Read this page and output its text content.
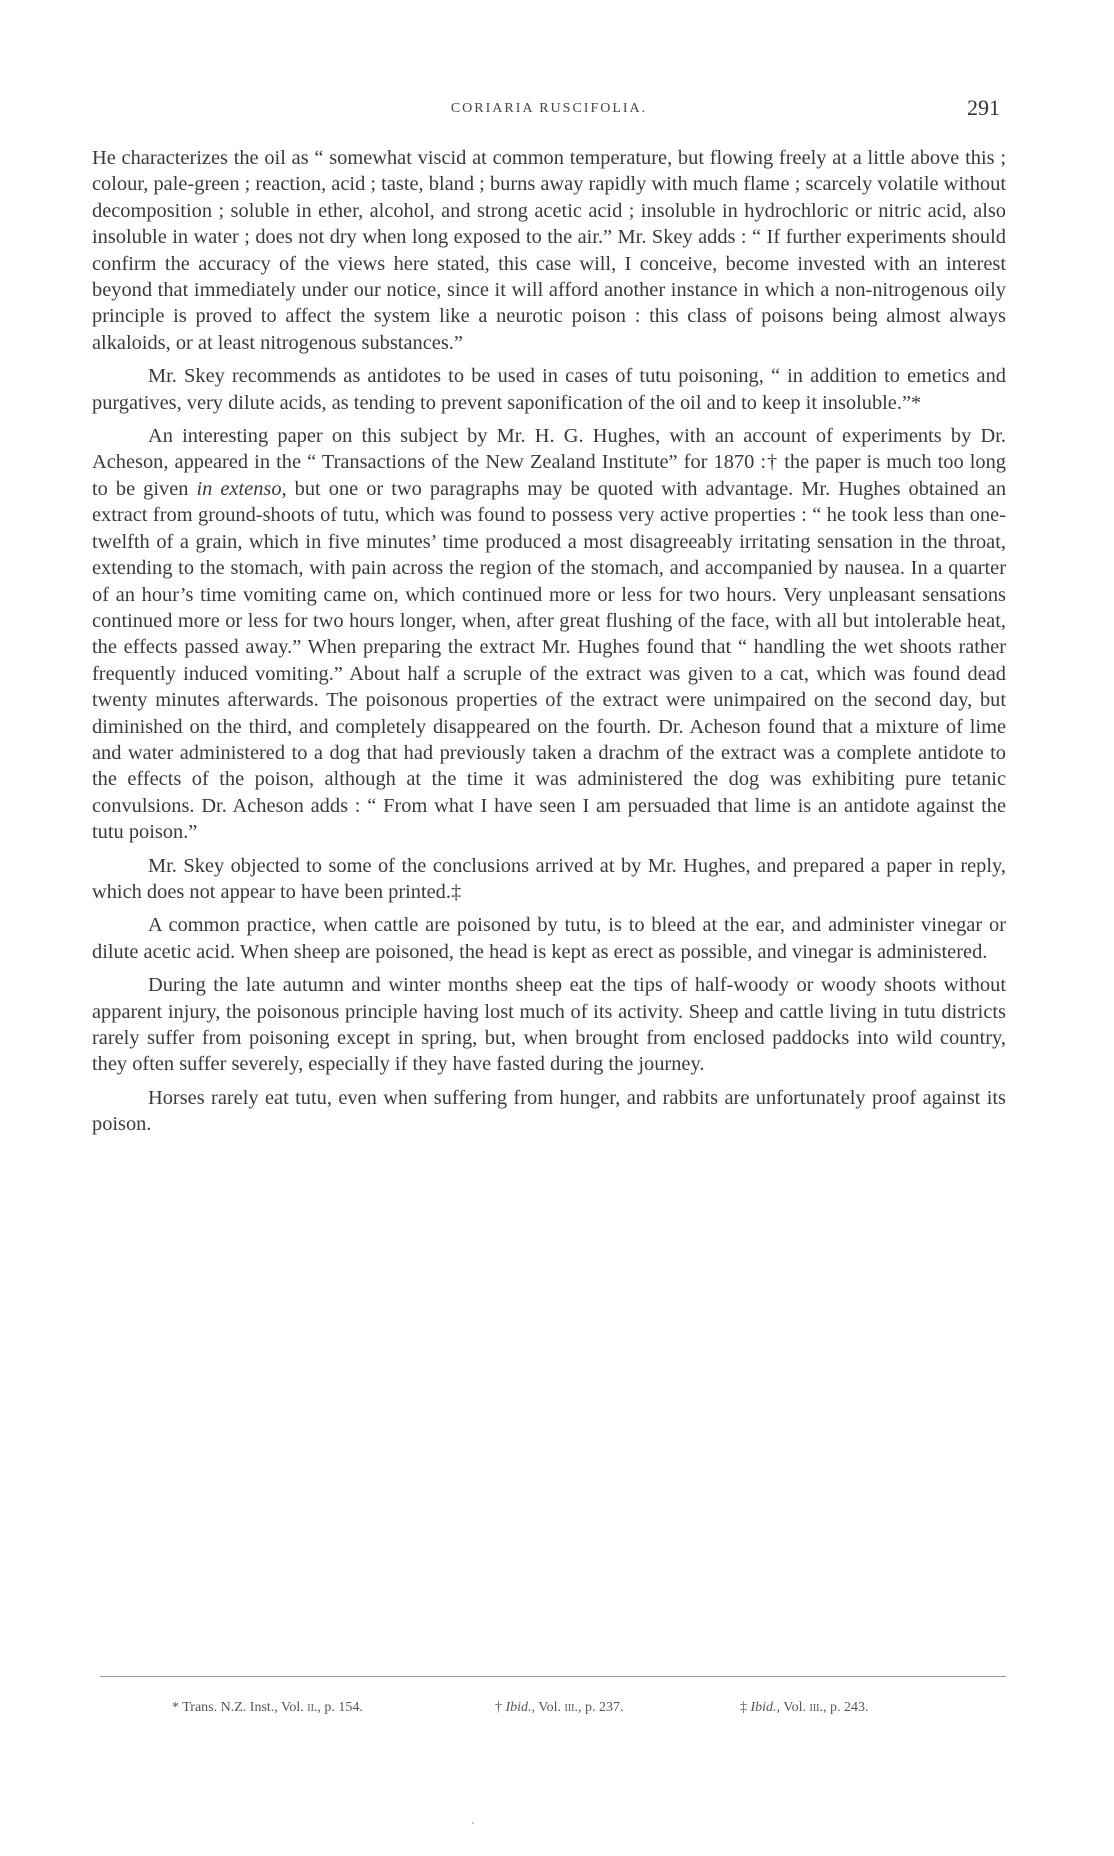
CORIARIA RUSCIFOLIA.	291

He characterizes the oil as “ somewhat viscid at common temperature, but flowing freely at a little above this ; colour, pale-green ; reaction, acid ; taste, bland ; burns away rapidly with much flame ; scarcely volatile without decomposition ; soluble in ether, alcohol, and strong acetic acid ; insoluble in hydrochloric or nitric acid, also insoluble in water ; does not dry when long exposed to the air.” Mr. Skey adds : “ If further experiments should confirm the accuracy of the views here stated, this case will, I conceive, become invested with an interest beyond that immediately under our notice, since it will afford another instance in which a non-nitrogenous oily principle is proved to affect the system like a neurotic poison : this class of poisons being almost always alkaloids, or at least nitrogenous substances.”

Mr. Skey recommends as antidotes to be used in cases of tutu poisoning, “ in addition to emetics and purgatives, very dilute acids, as tending to prevent saponification of the oil and to keep it insoluble.”*

An interesting paper on this subject by Mr. H. G. Hughes, with an account of experiments by Dr. Acheson, appeared in the “ Transactions of the New Zealand Institute” for 1870 :† the paper is much too long to be given in extenso, but one or two paragraphs may be quoted with advantage. Mr. Hughes obtained an extract from ground-shoots of tutu, which was found to possess very active properties : “ he took less than one-twelfth of a grain, which in five minutes’ time produced a most disagreeably irritating sensation in the throat, extending to the stomach, with pain across the region of the stomach, and accompanied by nausea. In a quarter of an hour’s time vomiting came on, which continued more or less for two hours. Very unpleasant sensations continued more or less for two hours longer, when, after great flushing of the face, with all but intolerable heat, the effects passed away.” When preparing the extract Mr. Hughes found that “ handling the wet shoots rather frequently induced vomiting.” About half a scruple of the extract was given to a cat, which was found dead twenty minutes afterwards. The poisonous properties of the extract were unimpaired on the second day, but diminished on the third, and completely disappeared on the fourth. Dr. Acheson found that a mixture of lime and water administered to a dog that had previously taken a drachm of the extract was a complete antidote to the effects of the poison, although at the time it was administered the dog was exhibiting pure tetanic convulsions. Dr. Acheson adds : “ From what I have seen I am persuaded that lime is an antidote against the tutu poison.”

Mr. Skey objected to some of the conclusions arrived at by Mr. Hughes, and prepared a paper in reply, which does not appear to have been printed.‡

A common practice, when cattle are poisoned by tutu, is to bleed at the ear, and administer vinegar or dilute acetic acid. When sheep are poisoned, the head is kept as erect as possible, and vinegar is administered.

During the late autumn and winter months sheep eat the tips of half-woody or woody shoots without apparent injury, the poisonous principle having lost much of its activity. Sheep and cattle living in tutu districts rarely suffer from poisoning except in spring, but, when brought from enclosed paddocks into wild country, they often suffer severely, especially if they have fasted during the journey.

Horses rarely eat tutu, even when suffering from hunger, and rabbits are unfortunately proof against its poison.

* Trans. N.Z. Inst., Vol. ii., p. 154.	† Ibid., Vol. iii., p. 237.	‡ Ibid., Vol. iii., p. 243.
